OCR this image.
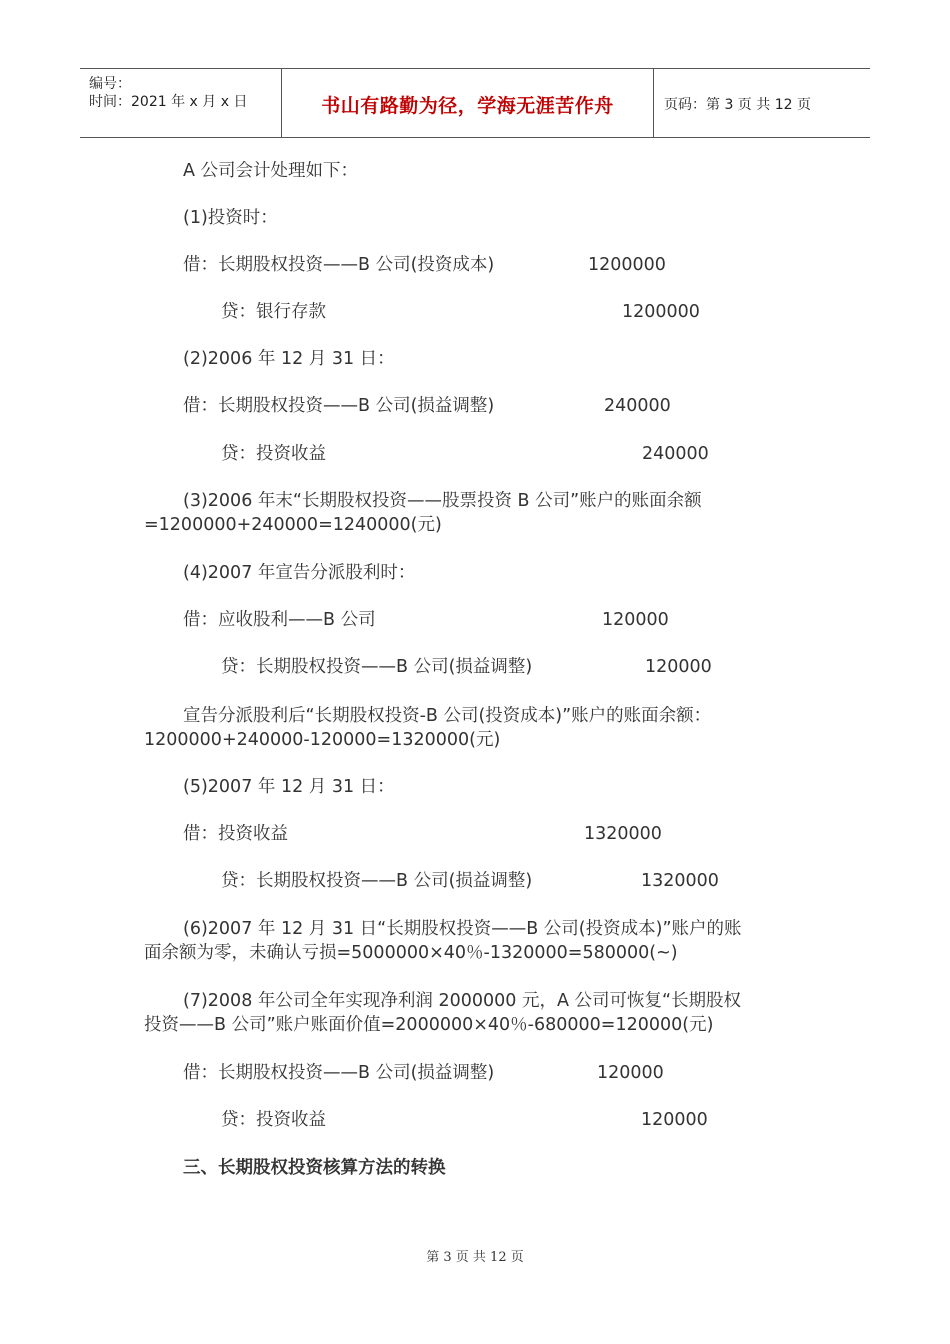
编号：
时间：2021 年 x 月 x 日	书山有路勤为径，学海无涯苦作舟	页码：第 3 页 共 12 页
A 公司会计处理如下：
(1)投资时：
借：长期股权投资——B 公司(投资成本)	1200000
贷：银行存款	1200000
(2)2006 年 12 月 31 日：
借：长期股权投资——B 公司(损益调整)	240000
贷：投资收益	240000
(3)2006 年末“长期股权投资——股票投资 B 公司”账户的账面余额
=1200000+240000=1240000(元)
(4)2007 年宣告分派股利时：
借：应收股利——B 公司	120000
贷：长期股权投资——B 公司(损益调整)	120000
宣告分派股利后“长期股权投资-B 公司(投资成本)”账户的账面余额：
1200000+240000-120000=1320000(元)
(5)2007 年 12 月 31 日：
借：投资收益	1320000
贷：长期股权投资——B 公司(损益调整)	1320000
(6)2007 年 12 月 31 日“长期股权投资——B 公司(投资成本)”账户的账
面余额为零，未确认亏损=5000000×40％-1320000=580000(~)
(7)2008 年公司全年实现净利润 2000000 元，A 公司可恢复“长期股权
投资——B 公司”账户账面价值=2000000×40％-680000=120000(元)
借：长期股权投资——B 公司(损益调整)	120000
贷：投资收益	120000
三、长期股权投资核算方法的转换
第 3 页 共 12 页
